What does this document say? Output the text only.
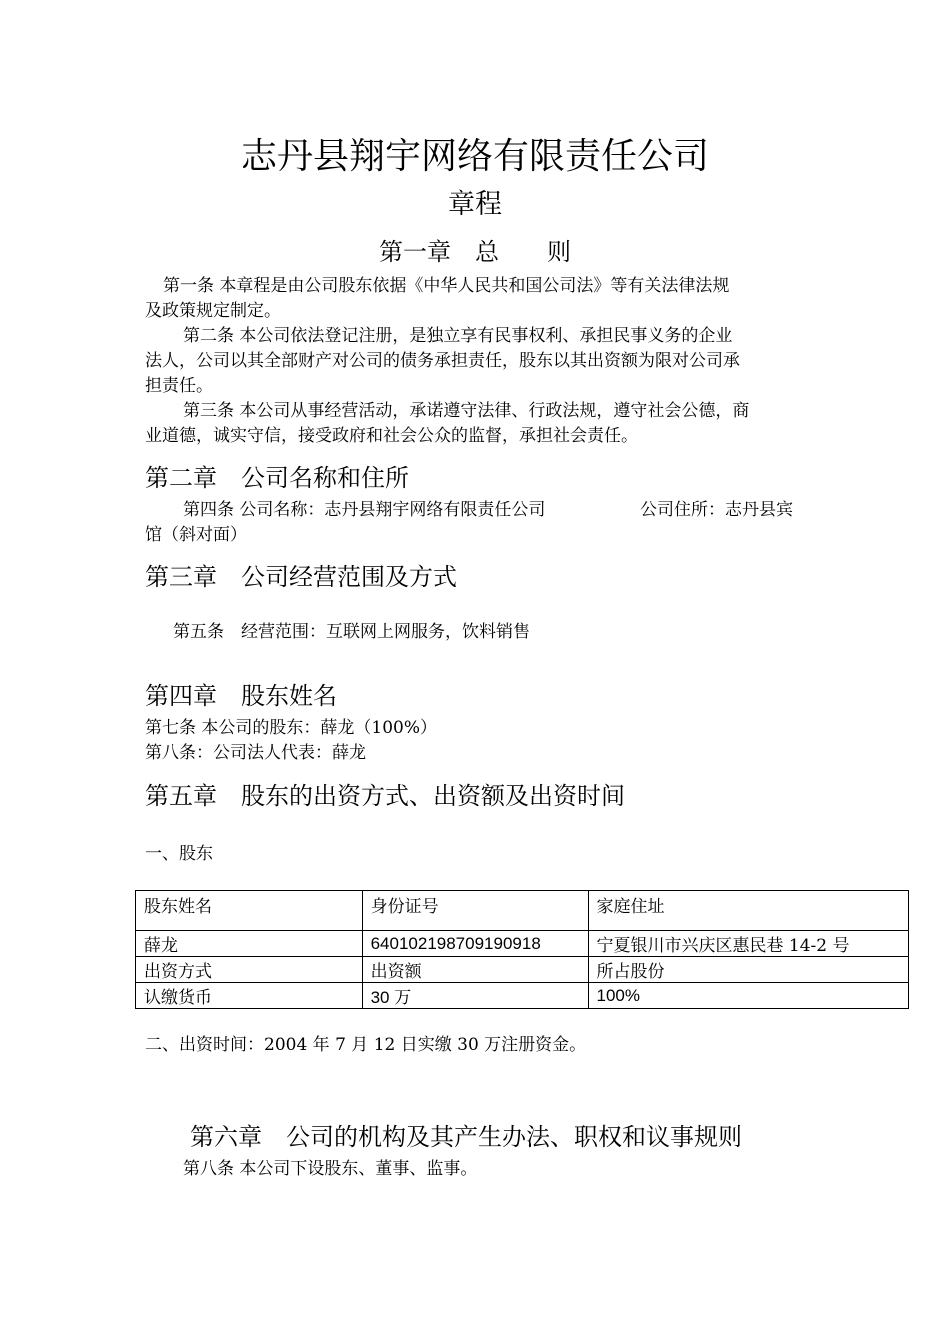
志丹县翔宇网络有限责任公司
章程
第一章　总　　则
第一条 本章程是由公司股东依据《中华人民共和国公司法》等有关法律法规
及政策规定制定。
第二条 本公司依法登记注册，是独立享有民事权利、承担民事义务的企业
法人，公司以其全部财产对公司的债务承担责任，股东以其出资额为限对公司承
担责任。
第三条 本公司从事经营活动，承诺遵守法律、行政法规，遵守社会公德，商
业道德，诚实守信，接受政府和社会公众的监督，承担社会责任。
第二章　公司名称和住所
第四条 公司名称：志丹县翔宇网络有限责任公司	公司住所：志丹县宾
馆（斜对面）
第三章　公司经营范围及方式
第五条　经营范围：互联网上网服务，饮料销售
第四章　股东姓名
第七条 本公司的股东：薛龙（100%）
第八条：公司法人代表：薛龙
第五章　股东的出资方式、出资额及出资时间
一、股东
股东姓名	身份证号	家庭住址
薛龙	640102198709190918	宁夏银川市兴庆区惠民巷 14-2 号
出资方式	出资额	所占股份
认缴货币	30 万	100%
二、出资时间：2004 年 7 月 12 日实缴 30 万注册资金。
第六章　公司的机构及其产生办法、职权和议事规则
第八条 本公司下设股东、董事、监事。
